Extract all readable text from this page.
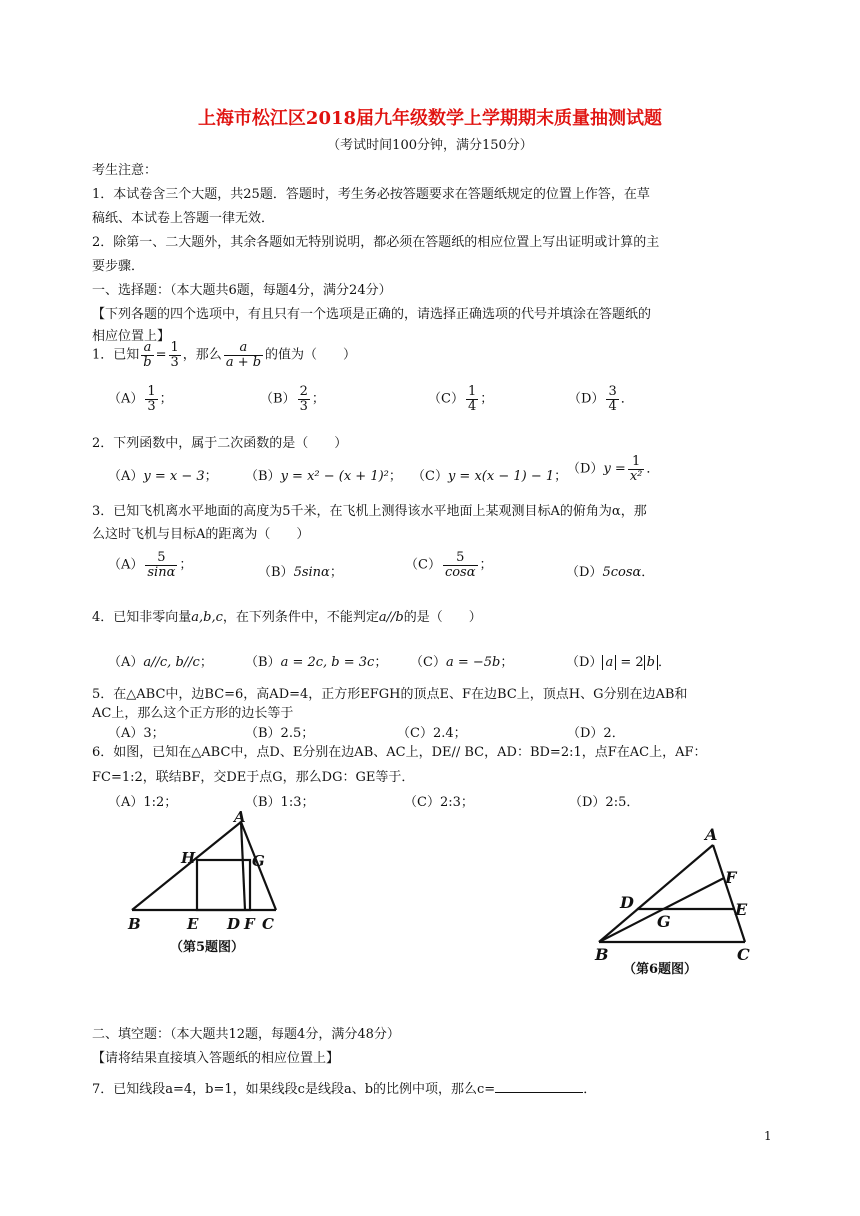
上海市松江区2018届九年级数学上学期期末质量抽测试题
（考试时间100分钟，满分150分）
考生注意：
1．本试卷含三个大题，共25题．答题时，考生务必按答题要求在答题纸规定的位置上作答，在草
稿纸、本试卷上答题一律无效．
2．除第一、二大题外，其余各题如无特别说明，都必须在答题纸的相应位置上写出证明或计算的主
要步骤．
一、选择题：（本大题共6题，每题4分，满分24分）
【下列各题的四个选项中，有且只有一个选项是正确的，请选择正确选项的代号并填涂在答题纸的
相应位置上】
1．已知 $\frac{a}{b} = \frac{1}{3}$ ，那么 $\frac{a}{a + b}$ 的值为（　　）
$(A) \frac{1}{3}$ ；	$(B) \frac{2}{3}$ ；	$(C) \frac{1}{4}$ ；	$(D) \frac{3}{4}$ ．
2．下列函数中，属于二次函数的是（　　）
（A）y = x − 3； （B）y = x² − (x + 1)²； （C）y = x(x − 1) − 1； $(D)y = \frac{1}{\text{x²}}$ ．
3．已知飞机离水平地面的高度为5千米，在飞机上测得该水平地面上某观测目标A的俯角为α，那
么这时飞机与目标A的距离为（　　）
$(A) \frac{5}{\sin\alpha}$ ；	（B）5sinα；	$(C) \frac{5}{\cos\alpha}$ ；	（D）5cosα．
4．已知非零向量a,b,c，在下列条件中，不能判定a//b的是（　　）
（A）a//c, b//c； （B）a = 2c, b = 3c； （C）a = −5b；	（D） a = 2 b ．
5．在△ABC中，边BC=6，高AD=4，正方形EFGH的顶点E、F在边BC上，顶点H、G分别在边AB和
AC上，那么这个正方形的边长等于
（A）3；	（B）2.5；	（C）2.4；	（D）2．
6．如图，已知在△ABC中，点D、E分别在边AB、AC上，DE// BC，AD：BD=2:1，点F在AC上，AF：
FC=1:2，联结BF，交DE于点G，那么DG：GE等于．
（A）1:2；	（B）1:3；	（C）2:3；	（D）2:5．
A
B	C
D
E	F
G
H
（第5题图）
A
B	C
D	E
F
G
（第6题图）
二、填空题：（本大题共12题，每题4分，满分48分）
【请将结果直接填入答题纸的相应位置上】
7．已知线段a=4，b=1，如果线段c是线段a、b的比例中项，那么c=	．
1
